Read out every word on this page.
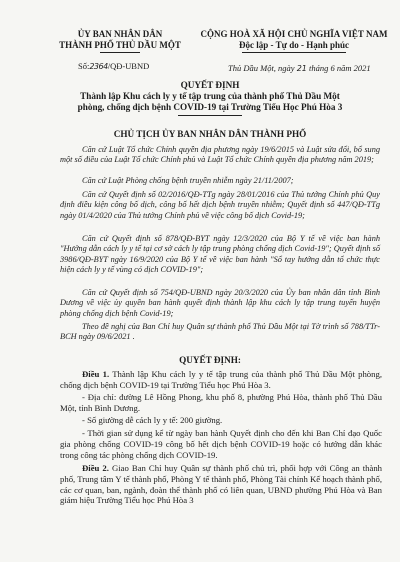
ỦY BAN NHÂN DÂN
THÀNH PHỐ THỦ DẦU MỘT
CỘNG HOÀ XÃ HỘI CHỦ NGHĨA VIỆT NAM
Độc lập - Tự do - Hạnh phúc
Số:2364/QĐ-UBND	Thủ Dầu Một, ngày 21 tháng 6 năm 2021
QUYẾT ĐỊNH
Thành lập Khu cách ly y tế tập trung của thành phố Thủ Dầu Một
phòng, chống dịch bệnh COVID-19 tại Trường Tiểu Học Phú Hòa 3
CHỦ TỊCH ỦY BAN NHÂN DÂN THÀNH PHỐ
Căn cứ Luật Tổ chức Chính quyền địa phương ngày 19/6/2015 và Luật sửa đổi, bổ sung một số điều của Luật Tổ chức Chính phủ và Luật Tổ chức Chính quyền địa phương năm 2019;
Căn cứ Luật Phòng chống bệnh truyền nhiễm ngày 21/11/2007;
Căn cứ Quyết định số 02/2016/QĐ-TTg ngày 28/01/2016 của Thủ tướng Chính phủ Quy định điều kiện công bố dịch, công bố hết dịch bệnh truyền nhiễm; Quyết định số 447/QĐ-TTg ngày 01/4/2020 của Thủ tướng Chính phủ về việc công bố dịch Covid-19;
Căn cứ Quyết định số 878/QĐ-BYT ngày 12/3/2020 của Bộ Y tế về việc ban hành "Hướng dẫn cách ly y tế tại cơ sở cách ly tập trung phòng chống dịch Covid-19"; Quyết định số 3986/QĐ-BYT ngày 16/9/2020 của Bộ Y tế về việc ban hành "Sổ tay hướng dẫn tổ chức thực hiện cách ly y tế vùng có dịch COVID-19";
Căn cứ Quyết định số 754/QĐ-UBND ngày 20/3/2020 của Ủy ban nhân dân tỉnh Bình Dương về việc ủy quyền ban hành quyết định thành lập khu cách ly tập trung tuyến huyện phòng chống dịch bệnh Covid-19;
Theo đề nghị của Ban Chỉ huy Quân sự thành phố Thủ Dầu Một tại Tờ trình số 788/TTr-BCH ngày 09/6/2021 .
QUYẾT ĐỊNH:
Điều 1. Thành lập Khu cách ly y tế tập trung của thành phố Thủ Dầu Một phòng, chống dịch bệnh COVID-19 tại Trường Tiểu học Phú Hòa 3.
- Địa chỉ: đường Lê Hồng Phong, khu phố 8, phường Phú Hòa, thành phố Thủ Dầu Một, tỉnh Bình Dương.
- Số giường dễ cách ly y tế: 200 giường.
- Thời gian sử dụng kể từ ngày ban hành Quyết định cho đến khi Ban Chỉ đạo Quốc gia phòng chống COVID-19 công bố hết dịch bệnh COVID-19 hoặc có hướng dẫn khác trong công tác phòng chống dịch COVID-19.
Điều 2. Giao Ban Chỉ huy Quân sự thành phố chủ trì, phối hợp với Công an thành phố, Trung tâm Y tế thành phố, Phòng Y tế thành phố, Phòng Tài chính Kế hoạch thành phố, các cơ quan, ban, ngành, đoàn thể thành phố có liên quan, UBND phường Phú Hòa và Ban giám hiệu Trường Tiểu học Phú Hòa 3
